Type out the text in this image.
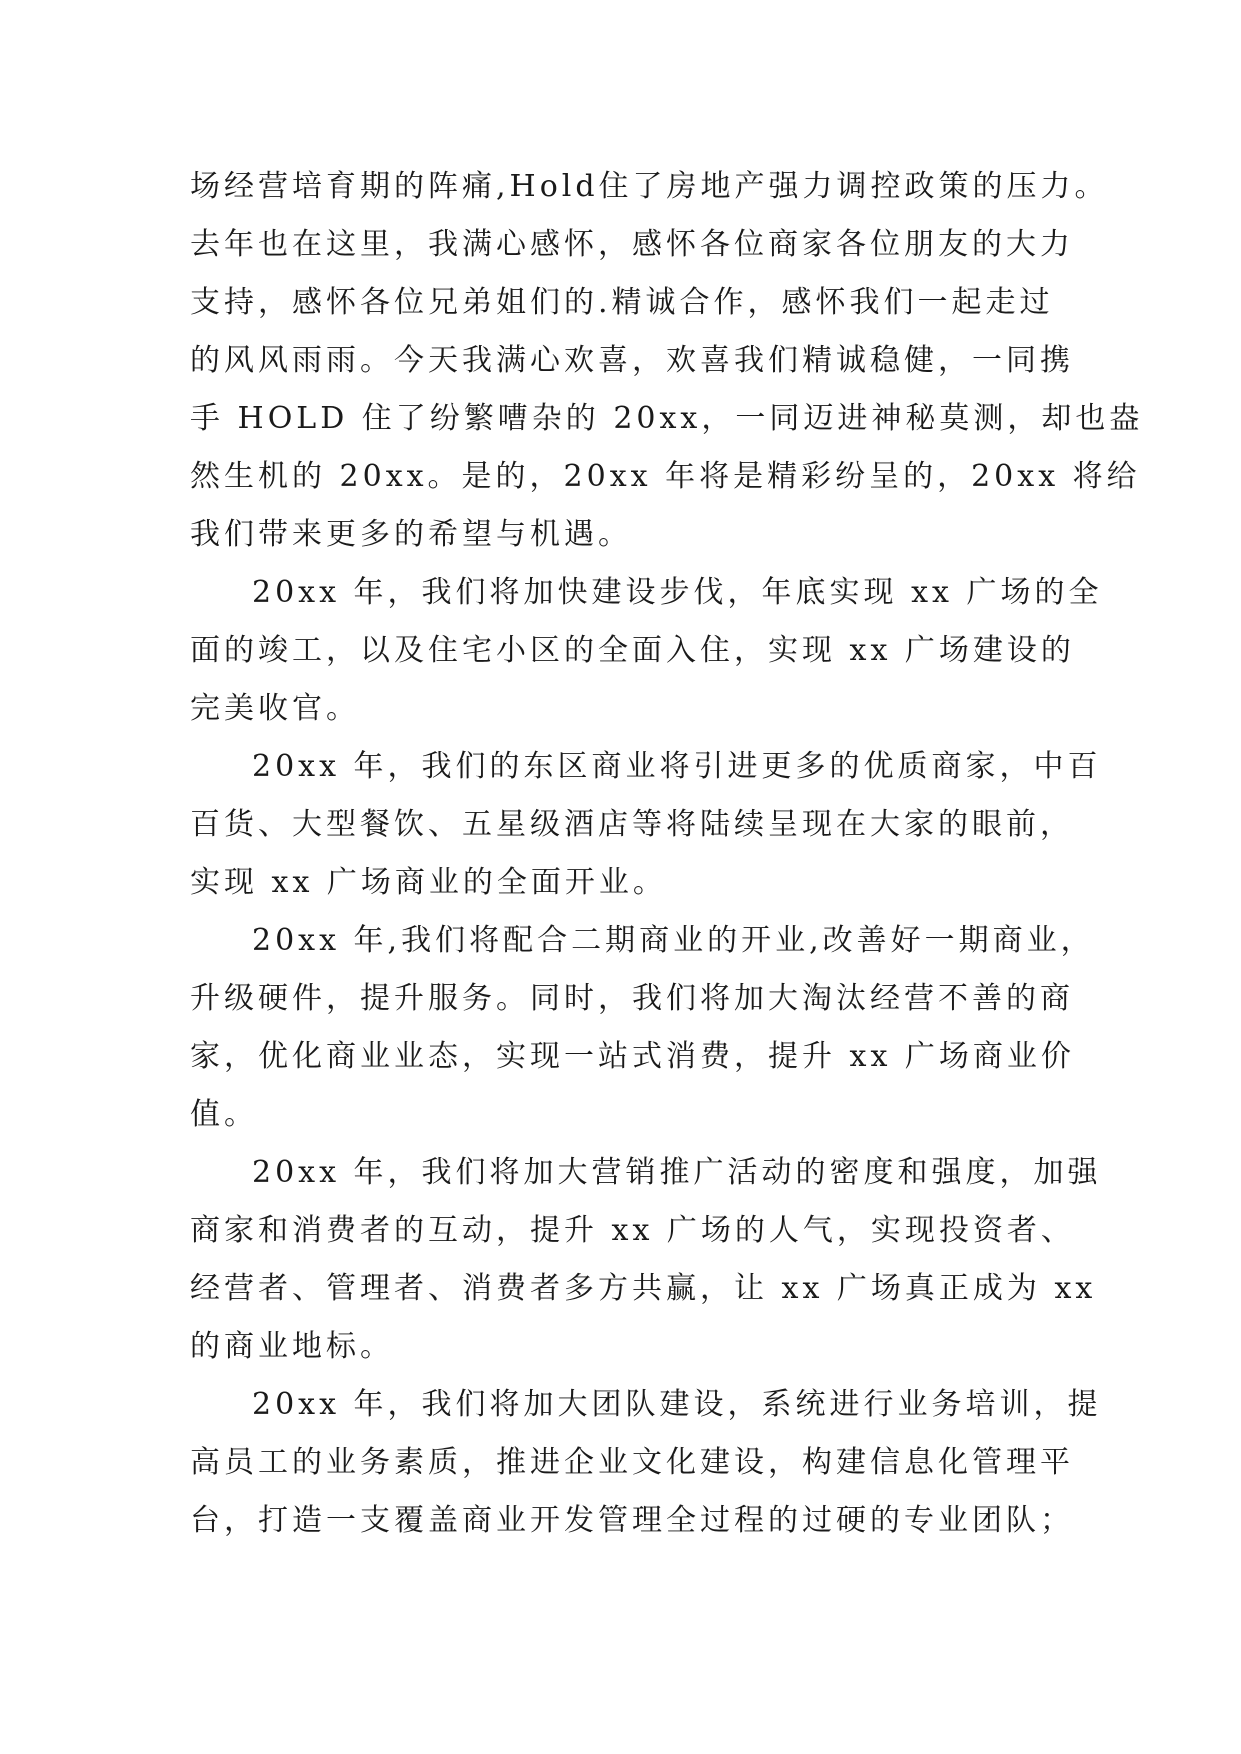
场经营培育期的阵痛,Hold住了房地产强力调控政策的压力。
去年也在这里，我满心感怀，感怀各位商家各位朋友的大力
支持，感怀各位兄弟姐们的.精诚合作，感怀我们一起走过
的风风雨雨。今天我满心欢喜，欢喜我们精诚稳健，一同携
手 HOLD 住了纷繁嘈杂的 20xx，一同迈进神秘莫测，却也盎
然生机的 20xx。是的，20xx 年将是精彩纷呈的，20xx 将给
我们带来更多的希望与机遇。
20xx 年，我们将加快建设步伐，年底实现 xx 广场的全
面的竣工，以及住宅小区的全面入住，实现 xx 广场建设的
完美收官。
20xx 年，我们的东区商业将引进更多的优质商家，中百
百货、大型餐饮、五星级酒店等将陆续呈现在大家的眼前，
实现 xx 广场商业的全面开业。
20xx 年,我们将配合二期商业的开业,改善好一期商业，
升级硬件，提升服务。同时，我们将加大淘汰经营不善的商
家，优化商业业态，实现一站式消费，提升 xx 广场商业价
值。
20xx 年，我们将加大营销推广活动的密度和强度，加强
商家和消费者的互动，提升 xx 广场的人气，实现投资者、
经营者、管理者、消费者多方共赢，让 xx 广场真正成为 xx
的商业地标。
20xx 年，我们将加大团队建设，系统进行业务培训，提
高员工的业务素质，推进企业文化建设，构建信息化管理平
台，打造一支覆盖商业开发管理全过程的过硬的专业团队；
